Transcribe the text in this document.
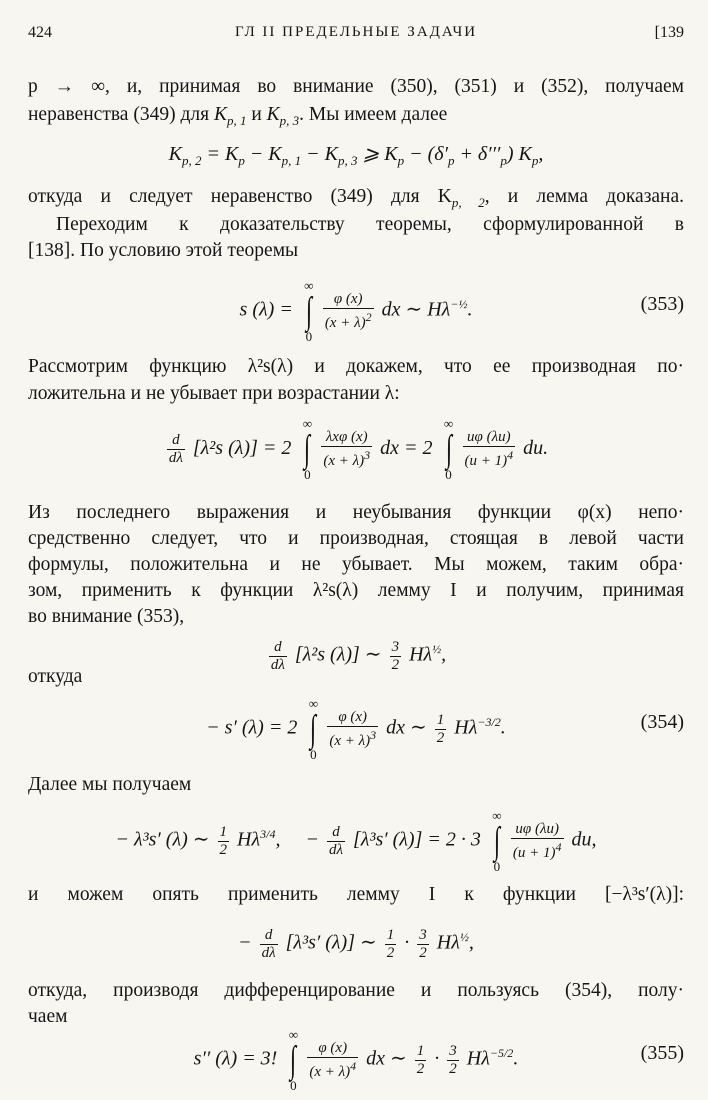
424	ГЛ II ПРЕДЕЛЬНЫЕ ЗАДАЧИ	[139
p → ∞, и, принимая во внимание (350), (351) и (352), получаем
неравенства (349) для $K_{p, 1}$ и $K_{p, 3}$. Мы имеем далее
$K_{p, 2} = K_p - K_{p, 1} - K_{p, 3}$ ⩾ $K_p - (\delta'_p + \delta'''_p)$ $K_p$,
откуда и следует неравенство (349) для $K_{p, 2}$, и лемма доказана.
Переходим к доказательству теоремы, сформулированной в
[138]. По условию этой теоремы
s (λ) =
∞
∫
0
$\frac{\varphi (x)}{(x + \lambda)^2}$ dx ∼ $H\lambda^{-\frac{1}{2}}$.	(353)
Рассмотрим функцию λ²s(λ) и докажем, что ее производная по·
ложительна и не убывает при возрастании λ:
$\frac{d}{d\lambda} [\lambda^2s$ (λ)] = 2
∞
∫
0
$\frac{\text{λxφ (x)}}{(x + \lambda)^3}$ dx = 2
∞
∫
0
$\frac{u\varphi (\lambda u)}{(u + 1)^4}$ du.
Из последнего выражения и неубывания функции φ(x) непо·
средственно следует, что и производная, стоящая в левой части
формулы, положительна и не убывает. Мы можем, таким обра·
зом, применить к функции λ²s(λ) лемму I и получим, принимая
во внимание (353),
$\frac{d}{d\lambda} [\lambda^2s$ (λ)] ∼ $\frac{3}{2} H\lambda^{\frac{1}{2}}$,
откуда
− s′ (λ) = 2
∞
∫
0
$\frac{\varphi (x)}{(x + \lambda)^3}$ dx ∼ $\frac{1}{2} H\lambda^{-3/2}$.	(354)
Далее мы получаем
− λ³s′ (λ) ∼ $\frac{1}{2} H\lambda^{3/4}$,     − $\frac{d}{d\lambda} [\lambda^3s'$ (λ)] = 2 · 3
∞
∫
0
$\frac{u\varphi (\lambda u)}{(u + 1)^4}$ du,
и можем опять применить лемму I к функции [−λ³s′(λ)]:
− $\frac{d}{d\lambda} [\lambda^3s'$ (λ)] ∼ $\frac{1}{2} \cdot \frac{3}{2} H\lambda^{\frac{1}{2}}$,
откуда, производя дифференцирование и пользуясь (354), полу·
чаем
s′′ (λ) = 3!
∞
∫
0
$\frac{\varphi (x)}{(x + \lambda)^4}$ dx ∼ $\frac{1}{2} \cdot \frac{3}{2} H\lambda^{-5/2}$.	(355)
